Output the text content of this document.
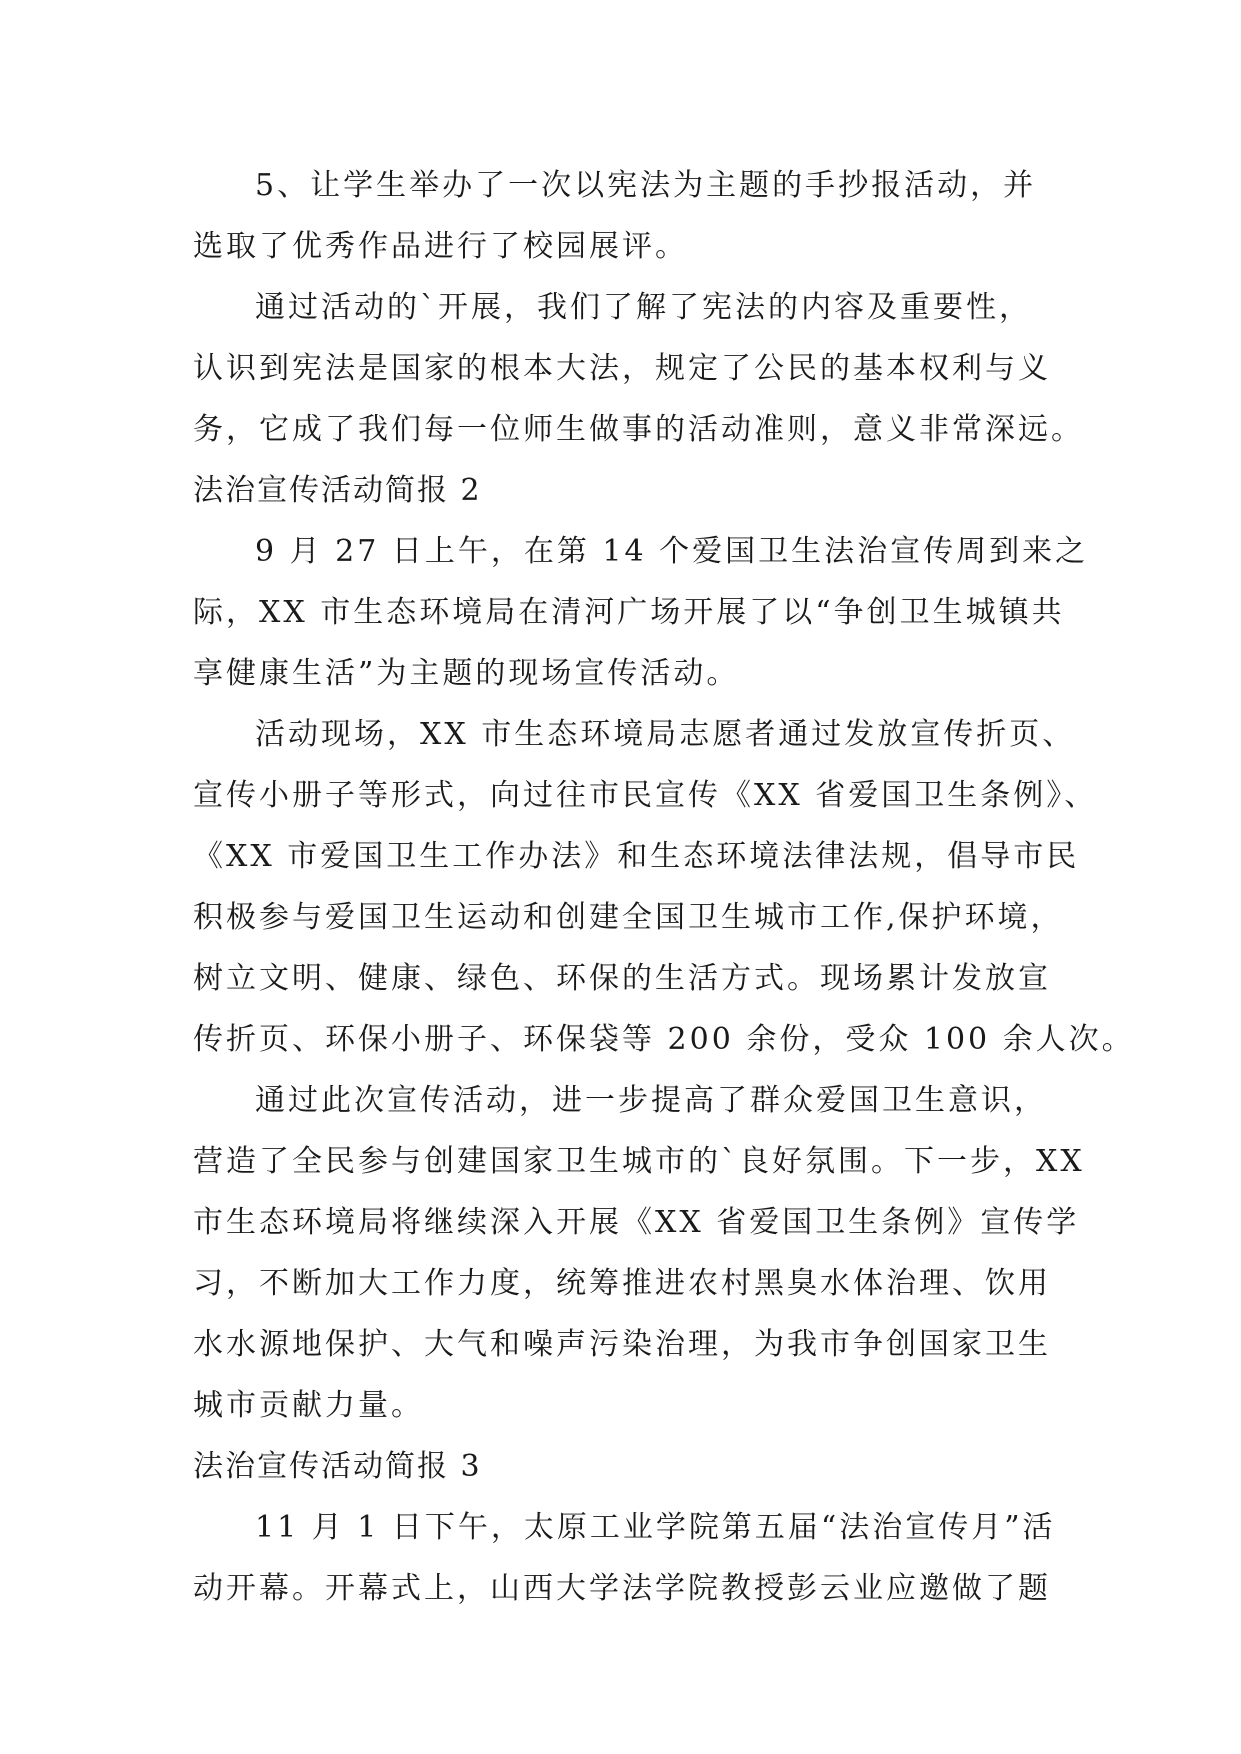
5、让学生举办了一次以宪法为主题的手抄报活动，并
选取了优秀作品进行了校园展评。
通过活动的`开展，我们了解了宪法的内容及重要性，
认识到宪法是国家的根本大法，规定了公民的基本权利与义
务，它成了我们每一位师生做事的活动准则，意义非常深远。
法治宣传活动简报 2
9 月 27 日上午，在第 14 个爱国卫生法治宣传周到来之
际，XX 市生态环境局在清河广场开展了以“争创卫生城镇共
享健康生活”为主题的现场宣传活动。
活动现场，XX 市生态环境局志愿者通过发放宣传折页、
宣传小册子等形式，向过往市民宣传《XX 省爱国卫生条例》、
《XX 市爱国卫生工作办法》和生态环境法律法规，倡导市民
积极参与爱国卫生运动和创建全国卫生城市工作,保护环境，
树立文明、健康、绿色、环保的生活方式。现场累计发放宣
传折页、环保小册子、环保袋等 200 余份，受众 100 余人次。
通过此次宣传活动，进一步提高了群众爱国卫生意识，
营造了全民参与创建国家卫生城市的`良好氛围。下一步，XX
市生态环境局将继续深入开展《XX 省爱国卫生条例》宣传学
习，不断加大工作力度，统筹推进农村黑臭水体治理、饮用
水水源地保护、大气和噪声污染治理，为我市争创国家卫生
城市贡献力量。
法治宣传活动简报 3
11 月 1 日下午，太原工业学院第五届“法治宣传月”活
动开幕。开幕式上，山西大学法学院教授彭云业应邀做了题
